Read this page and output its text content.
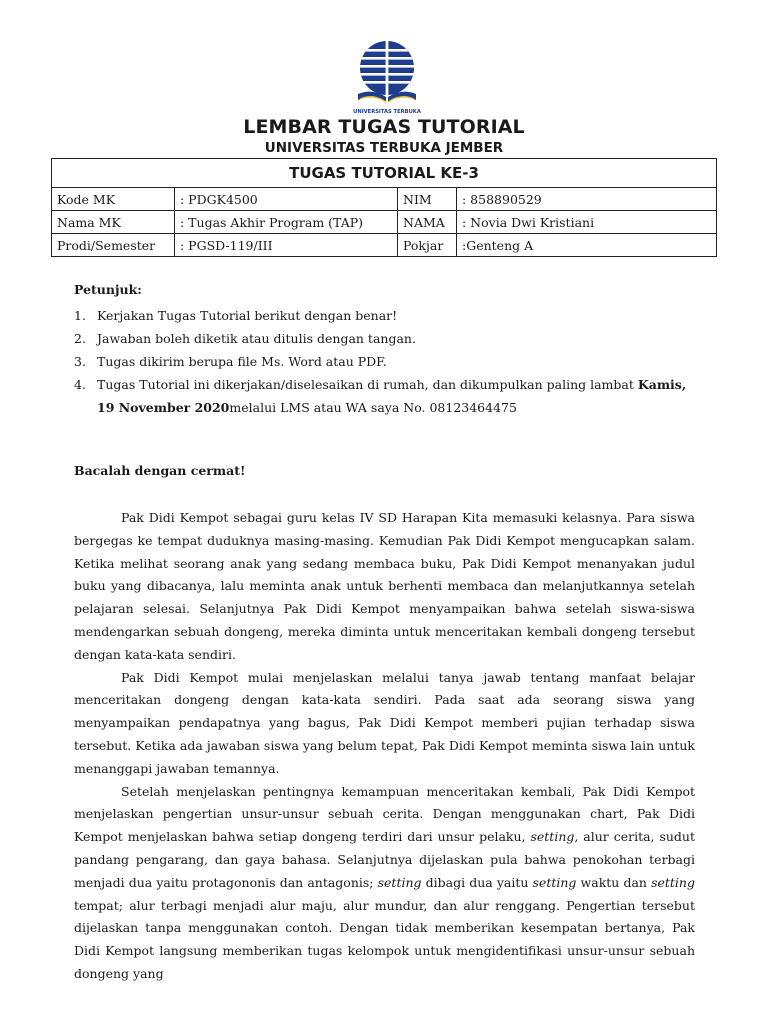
UNIVERSITAS TERBUKA
LEMBAR TUGAS TUTORIAL
UNIVERSITAS TERBUKA JEMBER
TUGAS TUTORIAL KE-3			
Kode MK	: PDGK4500	NIM	: 858890529
Nama MK	: Tugas Akhir Program (TAP)	NAMA	: Novia Dwi Kristiani
Prodi/Semester	: PGSD-119/III	Pokjar	:Genteng A
Petunjuk:
1. Kerjakan Tugas Tutorial berikut dengan benar!
2. Jawaban boleh diketik atau ditulis dengan tangan.
3. Tugas dikirim berupa file Ms. Word atau PDF.
4. Tugas Tutorial ini dikerjakan/diselesaikan di rumah, dan dikumpulkan paling lambat Kamis, 19 November 2020melalui LMS atau WA saya No. 08123464475
Bacalah dengan cermat!

Pak Didi Kempot sebagai guru kelas IV SD Harapan Kita memasuki kelasnya. Para siswa bergegas ke tempat duduknya masing-masing. Kemudian Pak Didi Kempot mengucapkan salam. Ketika melihat seorang anak yang sedang membaca buku, Pak Didi Kempot menanyakan judul buku yang dibacanya, lalu meminta anak untuk berhenti membaca dan melanjutkannya setelah pelajaran selesai. Selanjutnya Pak Didi Kempot menyampaikan bahwa setelah siswa-siswa mendengarkan sebuah dongeng, mereka diminta untuk menceritakan kembali dongeng tersebut dengan kata-kata sendiri.

Pak Didi Kempot mulai menjelaskan melalui tanya jawab tentang manfaat belajar menceritakan dongeng dengan kata-kata sendiri. Pada saat ada seorang siswa yang menyampaikan pendapatnya yang bagus, Pak Didi Kempot memberi pujian terhadap siswa tersebut. Ketika ada jawaban siswa yang belum tepat, Pak Didi Kempot meminta siswa lain untuk menanggapi jawaban temannya.

Setelah menjelaskan pentingnya kemampuan menceritakan kembali, Pak Didi Kempot menjelaskan pengertian unsur-unsur sebuah cerita. Dengan menggunakan chart, Pak Didi Kempot menjelaskan bahwa setiap dongeng terdiri dari unsur pelaku, setting, alur cerita, sudut pandang pengarang, dan gaya bahasa. Selanjutnya dijelaskan pula bahwa penokohan terbagi menjadi dua yaitu protagononis dan antagonis; setting dibagi dua yaitu setting waktu dan setting tempat; alur terbagi menjadi alur maju, alur mundur, dan alur renggang. Pengertian tersebut dijelaskan tanpa menggunakan contoh. Dengan tidak memberikan kesempatan bertanya, Pak Didi Kempot langsung memberikan tugas kelompok untuk mengidentifikasi unsur-unsur sebuah dongeng yang
